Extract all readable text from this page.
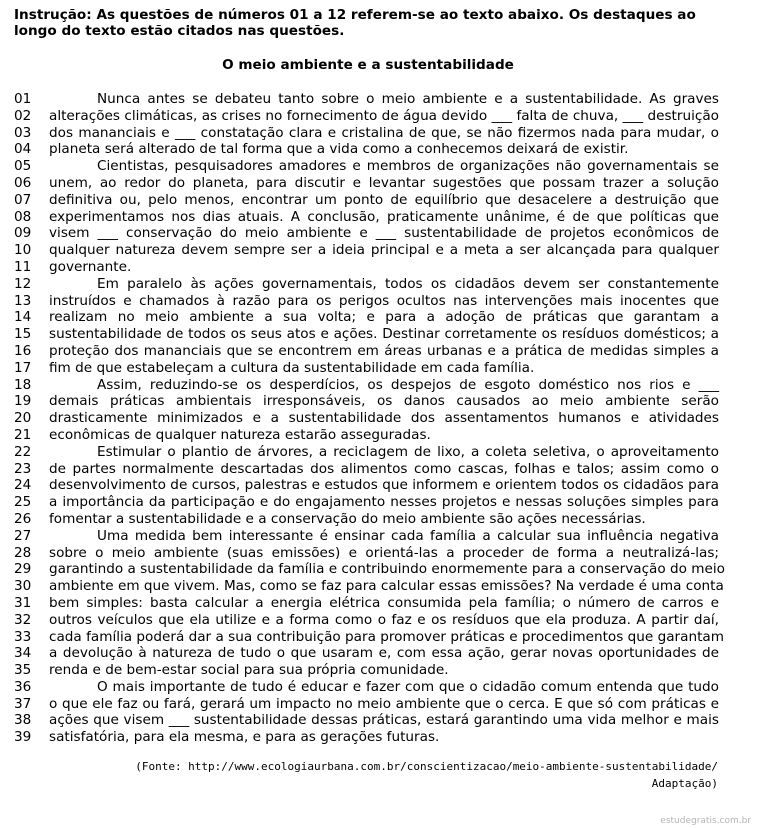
Instrução: As questões de números 01 a 12 referem-se ao texto abaixo. Os destaques ao longo do texto estão citados nas questões.
O meio ambiente e a sustentabilidade
01	Nunca antes se debateu tanto sobre o meio ambiente e a sustentabilidade. As graves
02	alterações climáticas, as crises no fornecimento de água devido ___ falta de chuva, ___ destruição
03	dos mananciais e ___ constatação clara e cristalina de que, se não fizermos nada para mudar, o
04	planeta será alterado de tal forma que a vida como a conhecemos deixará de existir.
05	Cientistas, pesquisadores amadores e membros de organizações não governamentais se
06	unem, ao redor do planeta, para discutir e levantar sugestões que possam trazer a solução
07	definitiva ou, pelo menos, encontrar um ponto de equilíbrio que desacelere a destruição que
08	experimentamos nos dias atuais. A conclusão, praticamente unânime, é de que políticas que
09	visem ___ conservação do meio ambiente e ___ sustentabilidade de projetos econômicos de
10	qualquer natureza devem sempre ser a ideia principal e a meta a ser alcançada para qualquer
11	governante.
12	Em paralelo às ações governamentais, todos os cidadãos devem ser constantemente
13	instruídos e chamados à razão para os perigos ocultos nas intervenções mais inocentes que
14	realizam no meio ambiente a sua volta; e para a adoção de práticas que garantam a
15	sustentabilidade de todos os seus atos e ações. Destinar corretamente os resíduos domésticos; a
16	proteção dos mananciais que se encontrem em áreas urbanas e a prática de medidas simples a
17	fim de que estabeleçam a cultura da sustentabilidade em cada família.
18	Assim, reduzindo-se os desperdícios, os despejos de esgoto doméstico nos rios e ___
19	demais práticas ambientais irresponsáveis, os danos causados ao meio ambiente serão
20	drasticamente minimizados e a sustentabilidade dos assentamentos humanos e atividades
21	econômicas de qualquer natureza estarão asseguradas.
22	Estimular o plantio de árvores, a reciclagem de lixo, a coleta seletiva, o aproveitamento
23	de partes normalmente descartadas dos alimentos como cascas, folhas e talos; assim como o
24	desenvolvimento de cursos, palestras e estudos que informem e orientem todos os cidadãos para
25	a importância da participação e do engajamento nesses projetos e nessas soluções simples para
26	fomentar a sustentabilidade e a conservação do meio ambiente são ações necessárias.
27	Uma medida bem interessante é ensinar cada família a calcular sua influência negativa
28	sobre o meio ambiente (suas emissões) e orientá-las a proceder de forma a neutralizá-las;
29	garantindo a sustentabilidade da família e contribuindo enormemente para a conservação do meio
30	ambiente em que vivem. Mas, como se faz para calcular essas emissões? Na verdade é uma conta
31	bem simples: basta calcular a energia elétrica consumida pela família; o número de carros e
32	outros veículos que ela utilize e a forma como o faz e os resíduos que ela produza. A partir daí,
33	cada família poderá dar a sua contribuição para promover práticas e procedimentos que garantam
34	a devolução à natureza de tudo o que usaram e, com essa ação, gerar novas oportunidades de
35	renda e de bem-estar social para sua própria comunidade.
36	O mais importante de tudo é educar e fazer com que o cidadão comum entenda que tudo
37	o que ele faz ou fará, gerará um impacto no meio ambiente que o cerca. E que só com práticas e
38	ações que visem ___ sustentabilidade dessas práticas, estará garantindo uma vida melhor e mais
39	satisfatória, para ela mesma, e para as gerações futuras.
(Fonte: http://www.ecologiaurbana.com.br/conscientizacao/meio-ambiente-sustentabilidade/
Adaptação)
estudegratis.com.br
